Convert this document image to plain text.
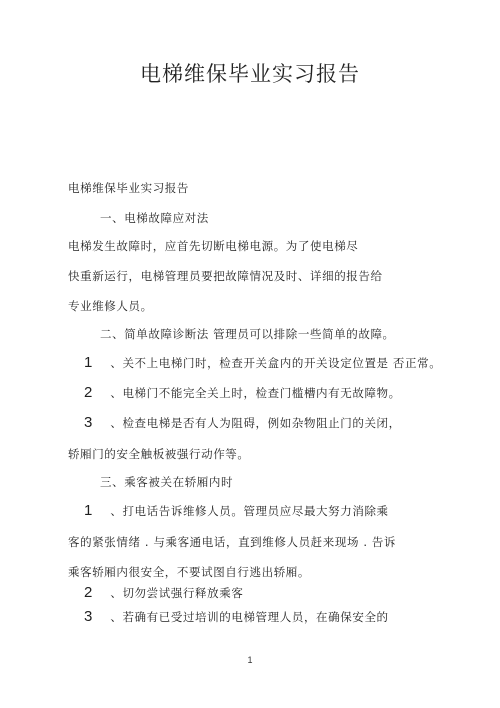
电梯维保毕业实习报告
电梯维保毕业实习报告
一、电梯故障应对法
电梯发生故障时，应首先切断电梯电源。为了使电梯尽
快重新运行，电梯管理员要把故障情况及时、详细的报告给
专业维修人员。
二、简单故障诊断法 管理员可以排除一些简单的故障。
1 、关不上电梯门时，检查开关盒内的开关设定位置是 否正常。
2 、电梯门不能完全关上时，检查门槛槽内有无故障物。
3 、检查电梯是否有人为阻碍，例如杂物阻止门的关闭，
轿厢门的安全触板被强行动作等。
三、乘客被关在轿厢内时
1 、打电话告诉维修人员。管理员应尽最大努力消除乘
客的紧张情绪 . 与乘客通电话，直到维修人员赶来现场 . 告诉
乘客轿厢内很安全，不要试图自行逃出轿厢。
2 、切勿尝试强行释放乘客
3 、若确有已受过培训的电梯管理人员，在确保安全的
1
